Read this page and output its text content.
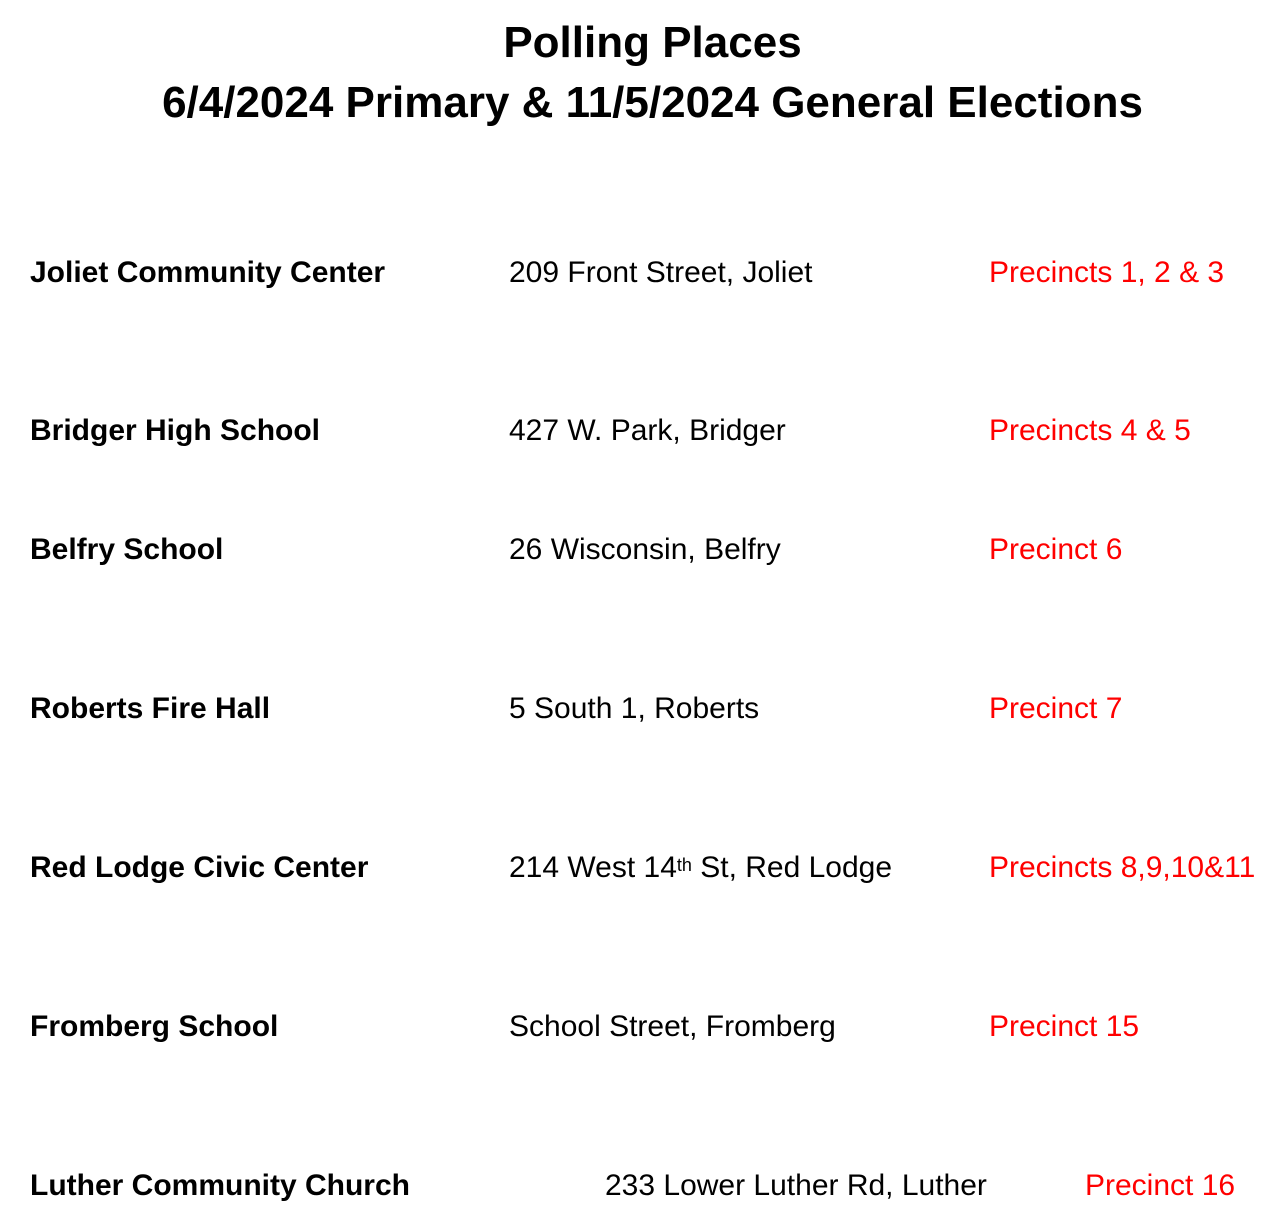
Polling Places
6/4/2024 Primary & 11/5/2024 General Elections
Joliet Community Center	209 Front Street, Joliet	Precincts 1, 2 & 3
Bridger High School	427 W. Park, Bridger	Precincts 4 & 5
Belfry School	26 Wisconsin, Belfry	Precinct 6
Roberts Fire Hall	5 South 1, Roberts	Precinct 7
Red Lodge Civic Center	214 West 14th St, Red Lodge	Precincts 8,9,10&11
Fromberg School	School Street, Fromberg	Precinct 15
Luther Community Church	233 Lower Luther Rd, Luther	Precinct 16
